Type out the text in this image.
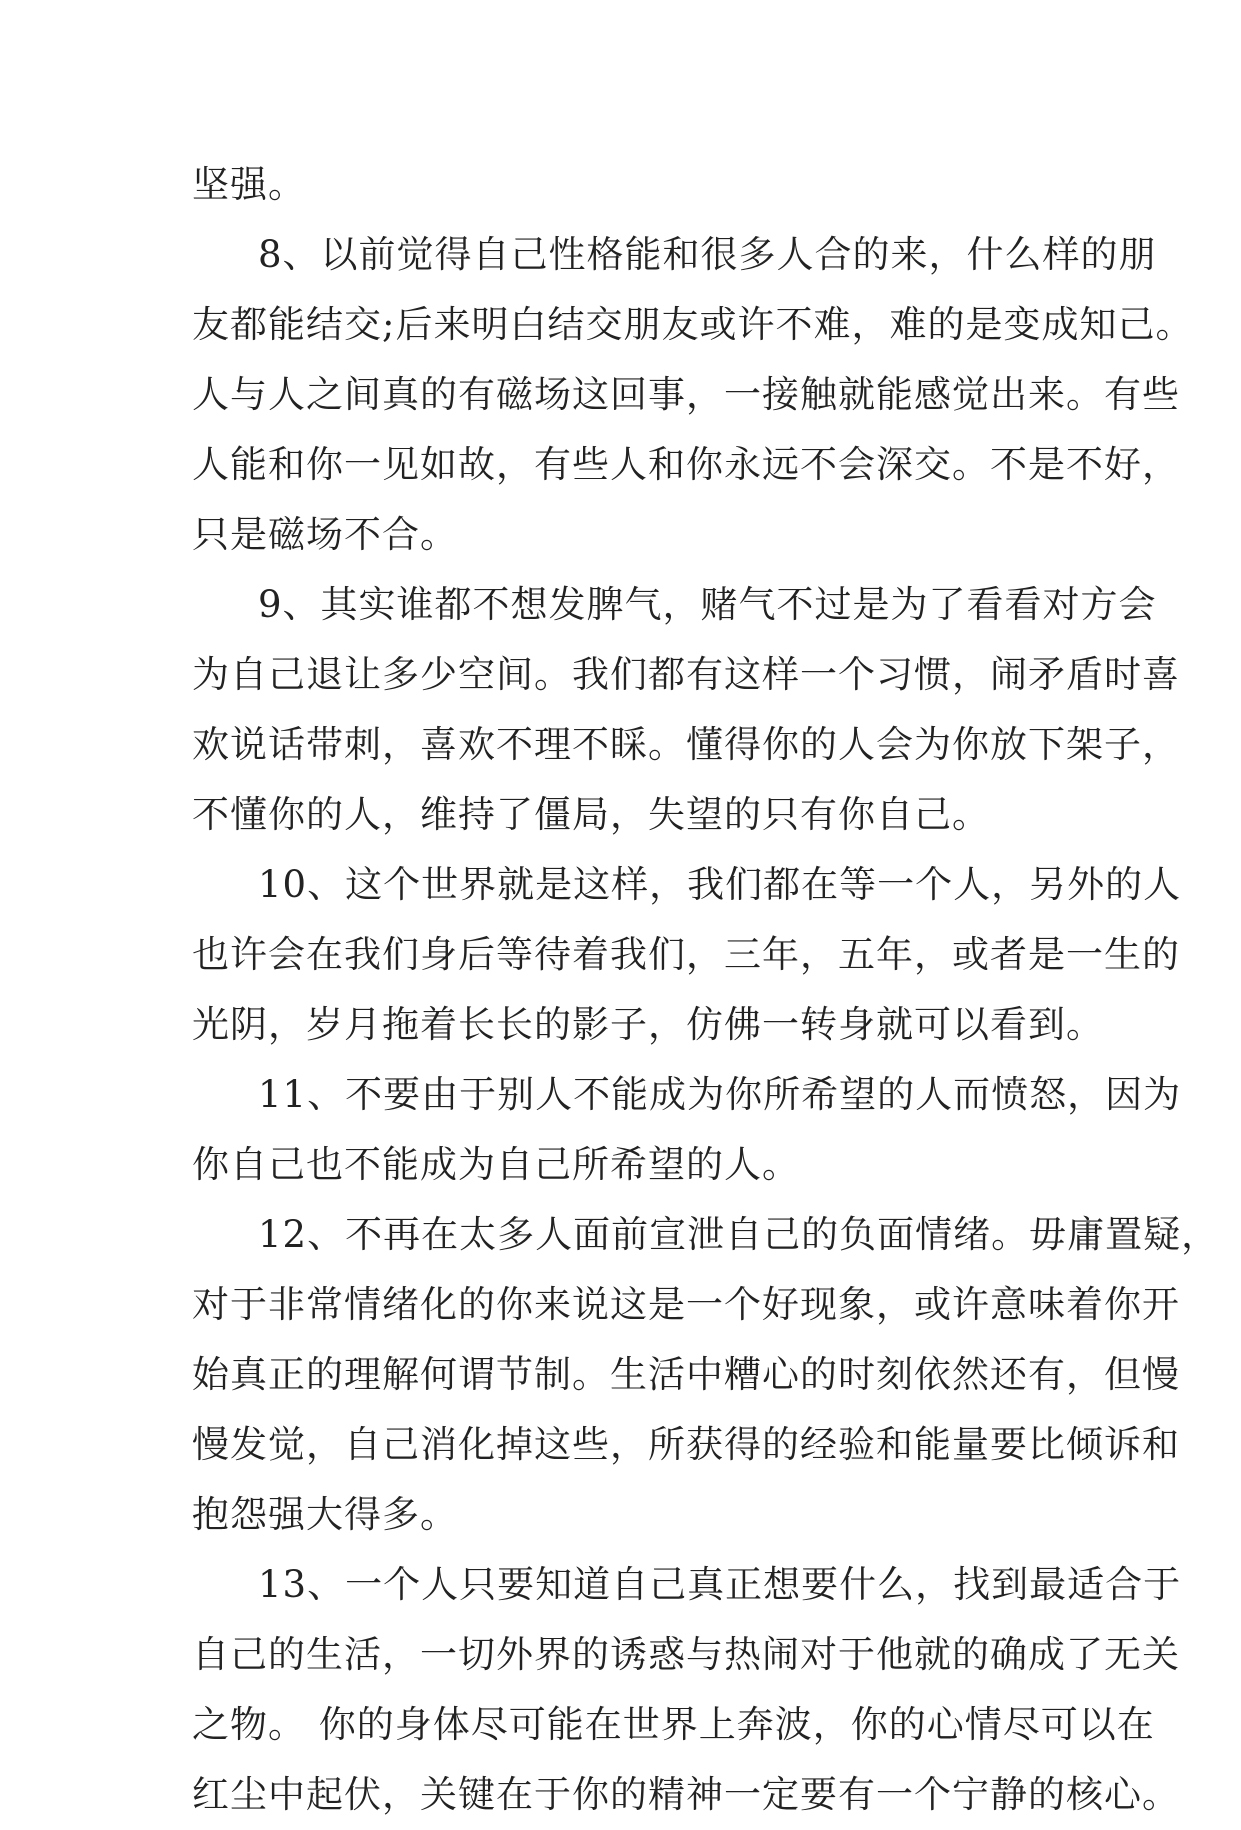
坚强。
8、以前觉得自己性格能和很多人合的来，什么样的朋
友都能结交;后来明白结交朋友或许不难，难的是变成知己。
人与人之间真的有磁场这回事，一接触就能感觉出来。有些
人能和你一见如故，有些人和你永远不会深交。不是不好，
只是磁场不合。
9、其实谁都不想发脾气，赌气不过是为了看看对方会
为自己退让多少空间。我们都有这样一个习惯，闹矛盾时喜
欢说话带刺，喜欢不理不睬。懂得你的人会为你放下架子，
不懂你的人，维持了僵局，失望的只有你自己。
10、这个世界就是这样，我们都在等一个人，另外的人
也许会在我们身后等待着我们，三年，五年，或者是一生的
光阴，岁月拖着长长的影子，仿佛一转身就可以看到。
11、不要由于别人不能成为你所希望的人而愤怒，因为
你自己也不能成为自己所希望的人。
12、不再在太多人面前宣泄自己的负面情绪。毋庸置疑，
对于非常情绪化的你来说这是一个好现象，或许意味着你开
始真正的理解何谓节制。生活中糟心的时刻依然还有，但慢
慢发觉，自己消化掉这些，所获得的经验和能量要比倾诉和
抱怨强大得多。
13、一个人只要知道自己真正想要什么，找到最适合于
自己的生活，一切外界的诱惑与热闹对于他就的确成了无关
之物。 你的身体尽可能在世界上奔波，你的心情尽可以在
红尘中起伏，关键在于你的精神一定要有一个宁静的核心。
